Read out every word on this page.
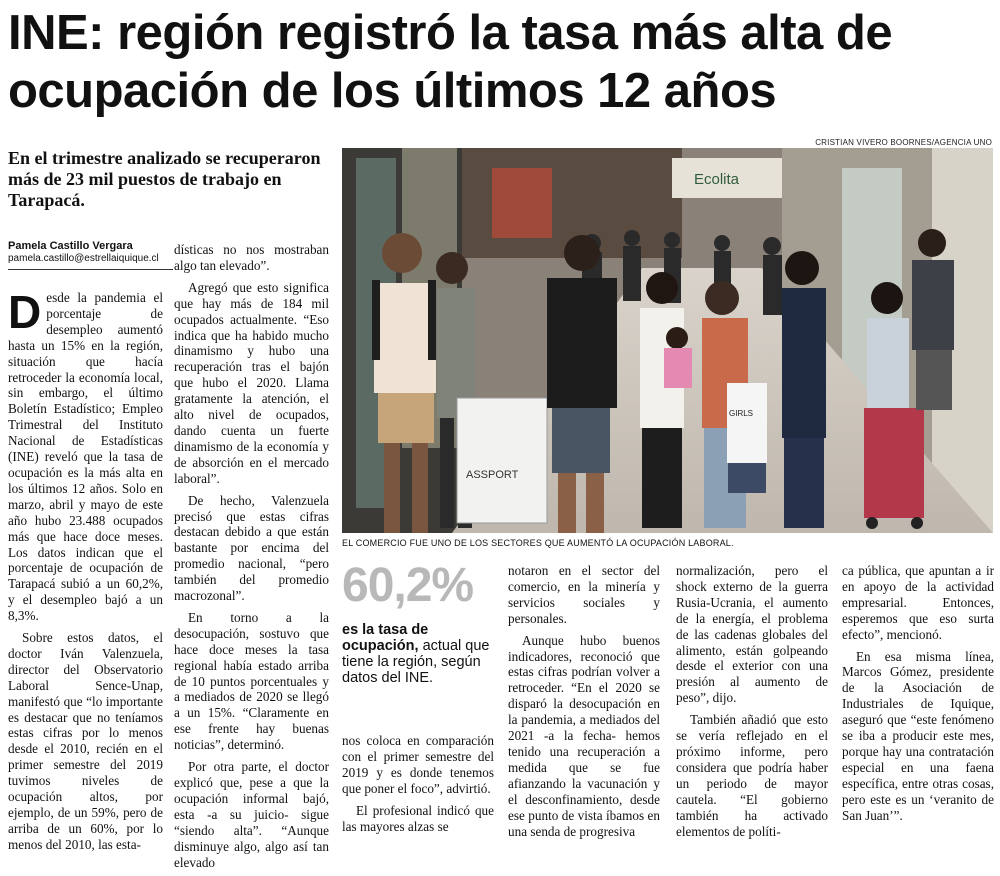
INE: región registró la tasa más alta de
ocupación de los últimos 12 años
CRISTIAN VIVERO BOORNES/AGENCIA UNO
En el trimestre analizado se recuperaron más de 23 mil puestos de trabajo en Tarapacá.
Pamela Castillo Vergara
pamela.castillo@estrellaiquique.cl

Desde la pandemia el porcentaje de desempleo aumentó hasta un 15% en la región, situación que hacía retroceder la economía local, sin embargo, el último Boletín Estadístico; Empleo Trimestral del Instituto Nacional de Estadísticas (INE) reveló que la tasa de ocupación es la más alta en los últimos 12 años. Solo en marzo, abril y mayo de este año hubo 23.488 ocupados más que hace doce meses. Los datos indican que el porcentaje de ocupación de Tarapacá subió a un 60,2%, y el desempleo bajó a un 8,3%.

Sobre estos datos, el doctor Iván Valenzuela, director del Observatorio Laboral Sence-Unap, manifestó que “lo importante es destacar que no teníamos estas cifras por lo menos desde el 2010, recién en el primer semestre del 2019 tuvimos niveles de ocupación altos, por ejemplo, de un 59%, pero de arriba de un 60%, por lo menos del 2010, las esta-

dísticas no nos mostraban algo tan elevado”.

Agregó que esto significa que hay más de 184 mil ocupados actualmente. “Eso indica que ha habido mucho dinamismo y hubo una recuperación tras el bajón que hubo el 2020. Llama gratamente la atención, el alto nivel de ocupados, dando cuenta un fuerte dinamismo de la economía y de absorción en el mercado laboral”.

De hecho, Valenzuela precisó que estas cifras destacan debido a que están bastante por encima del promedio nacional, “pero también del promedio macrozonal”.

En torno a la desocupación, sostuvo que hace doce meses la tasa regional había estado arriba de 10 puntos porcentuales y a mediados de 2020 se llegó a un 15%. “Claramente en ese frente hay buenas noticias”, determinó.

Por otra parte, el doctor explicó que, pese a que la ocupación informal bajó, esta -a su juicio- sigue “siendo alta”. “Aunque disminuye algo, algo así tan elevado

Ecolita
ASSPORT
GIRLS
EL COMERCIO FUE UNO DE LOS SECTORES QUE AUMENTÓ LA OCUPACIÓN LABORAL.
60,2%
es la tasa de ocupación, actual que tiene la región, según datos del INE.

nos coloca en comparación con el primer semestre del 2019 y es donde tenemos que poner el foco”, advirtió.

El profesional indicó que las mayores alzas se

notaron en el sector del comercio, en la minería y servicios sociales y personales.

Aunque hubo buenos indicadores, reconoció que estas cifras podrían volver a retroceder. “En el 2020 se disparó la desocupación en la pandemia, a mediados del 2021 -a la fecha- hemos tenido una recuperación a medida que se fue afianzando la vacunación y el desconfinamiento, desde ese punto de vista íbamos en una senda de progresiva

normalización, pero el shock externo de la guerra Rusia-Ucrania, el aumento de la energía, el problema de las cadenas globales del alimento, están golpeando desde el exterior con una presión al aumento de peso”, dijo.

También añadió que esto se vería reflejado en el próximo informe, pero considera que podría haber un periodo de mayor cautela. “El gobierno también ha activado elementos de políti-

ca pública, que apuntan a ir en apoyo de la actividad empresarial. Entonces, esperemos que eso surta efecto”, mencionó.

En esa misma línea, Marcos Gómez, presidente de la Asociación de Industriales de Iquique, aseguró que “este fenómeno se iba a producir este mes, porque hay una contratación especial en una faena específica, entre otras cosas, pero este es un ‘veranito de San Juan’”.
